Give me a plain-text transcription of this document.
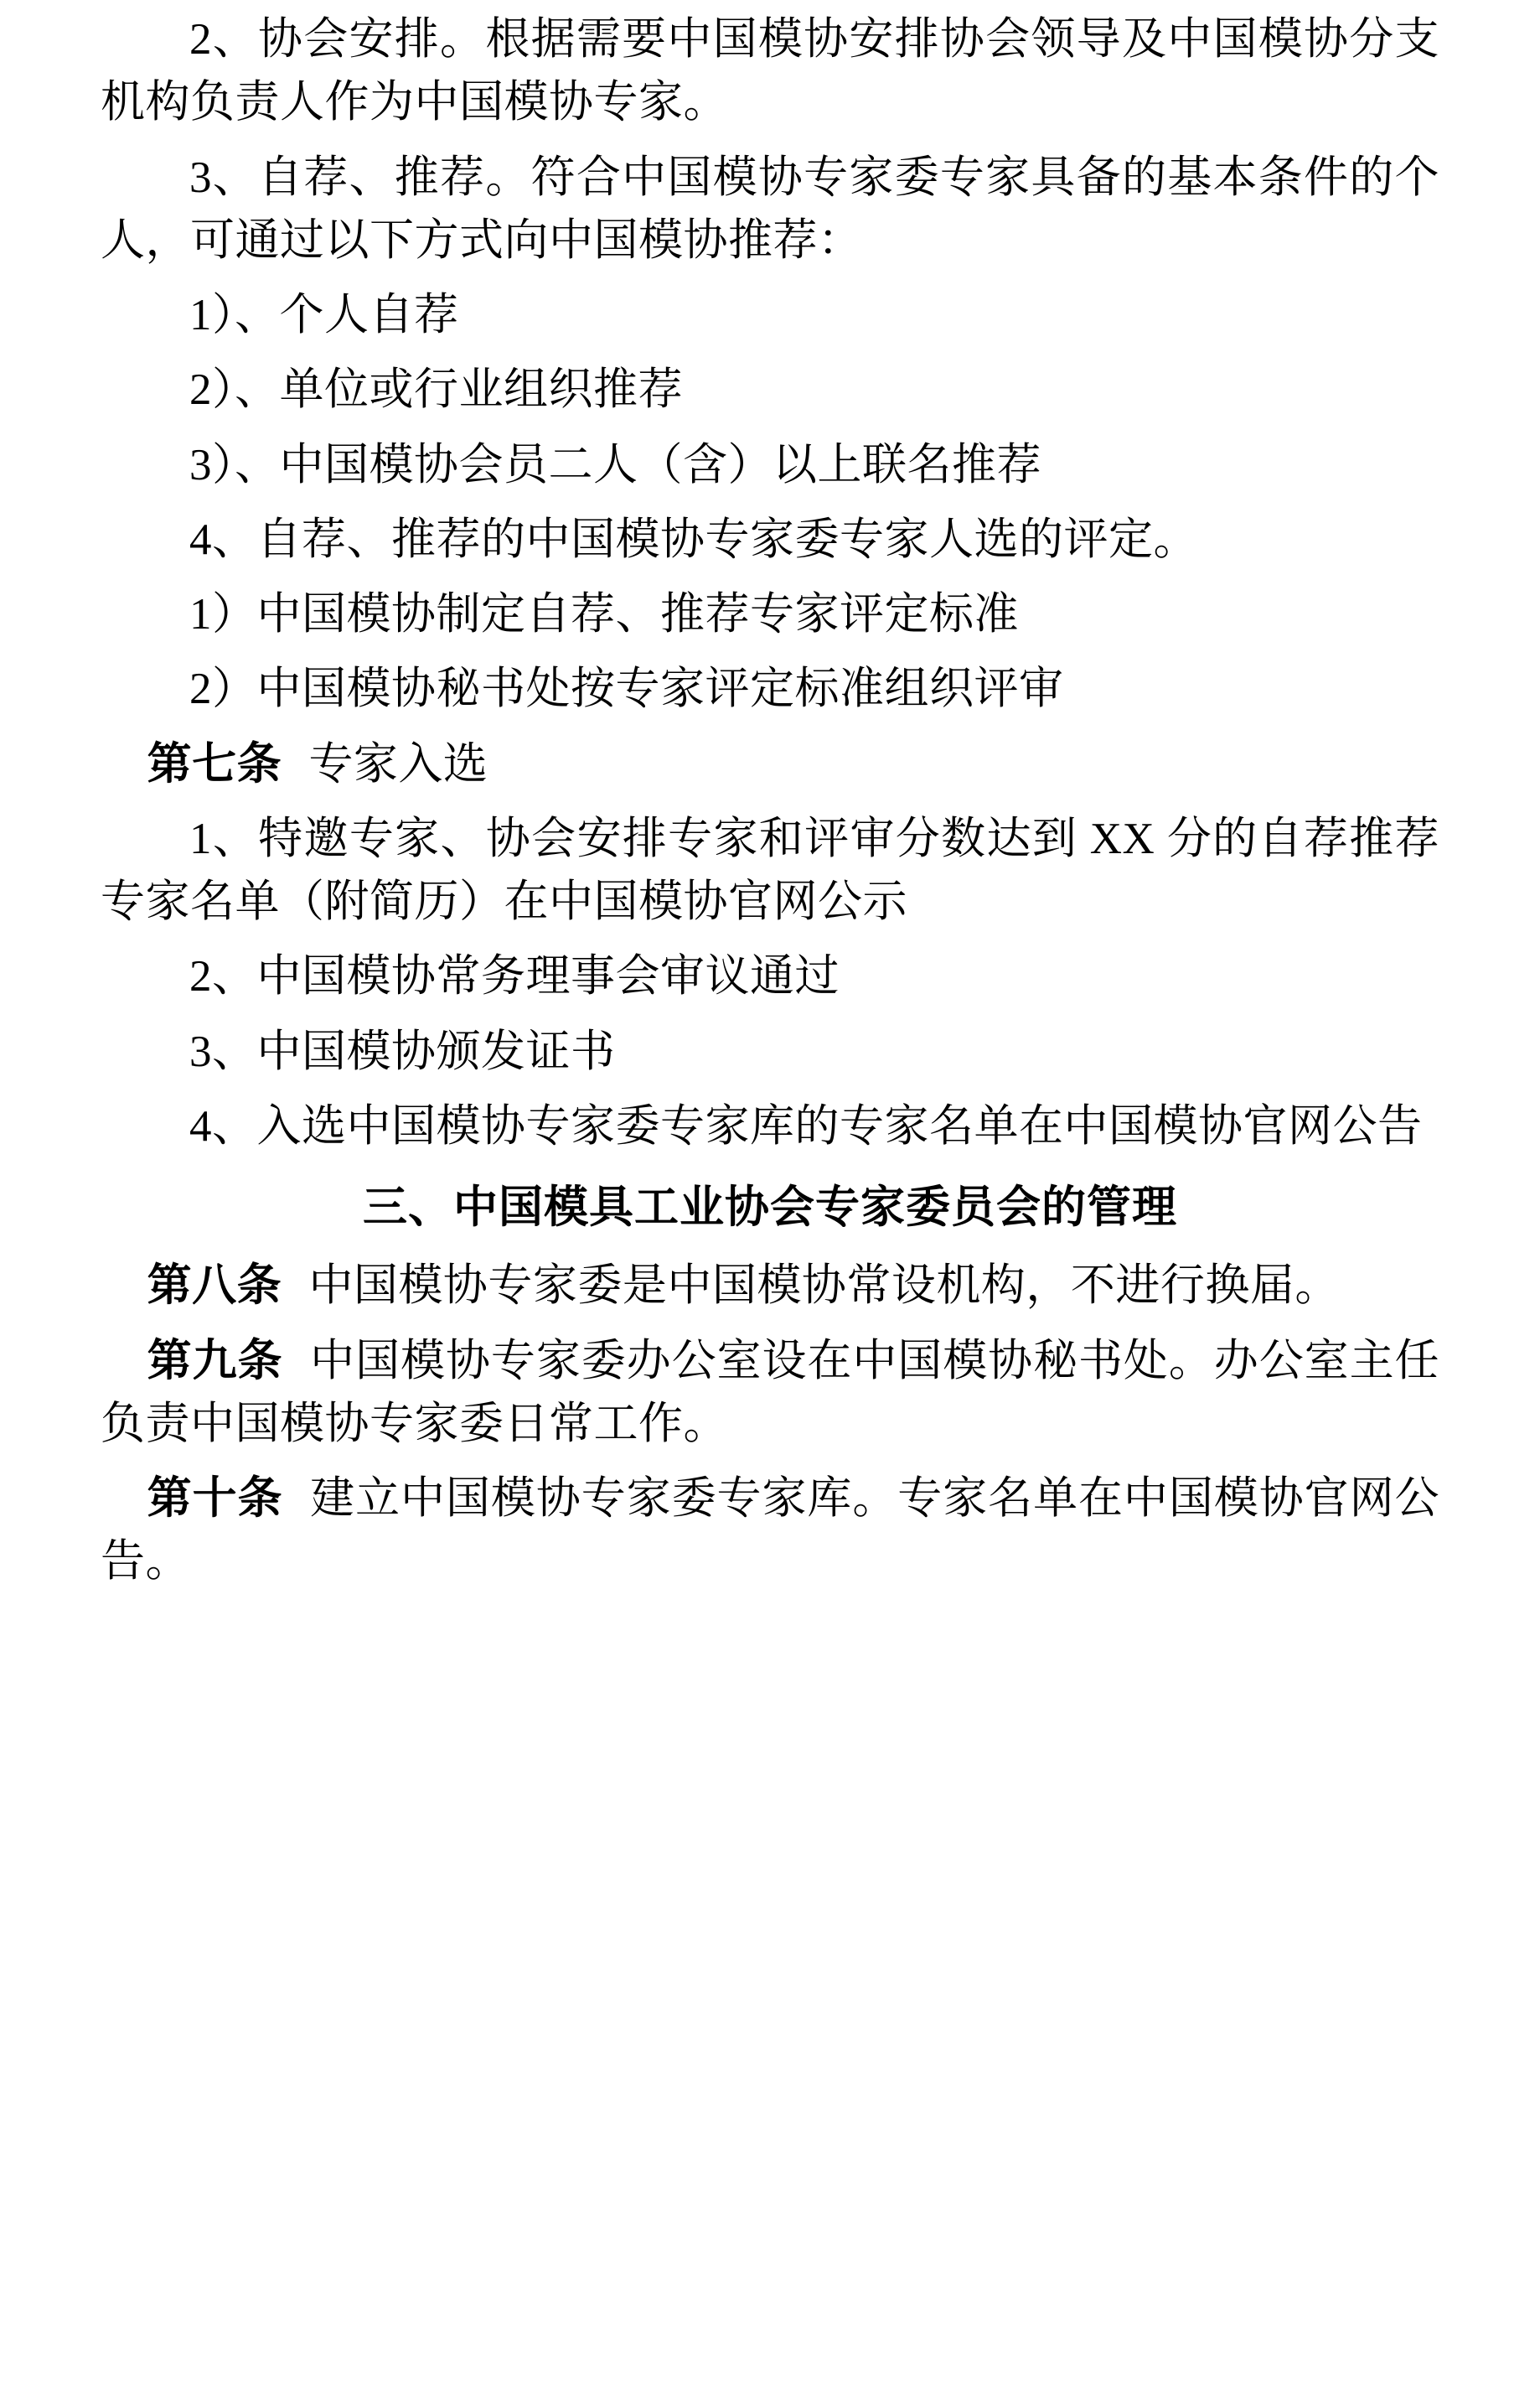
2、协会安排。根据需要中国模协安排协会领导及中国模协分支机构负责人作为中国模协专家。

3、自荐、推荐。符合中国模协专家委专家具备的基本条件的个人，可通过以下方式向中国模协推荐：

1）、个人自荐

2）、单位或行业组织推荐

3）、中国模协会员二人（含）以上联名推荐

4、自荐、推荐的中国模协专家委专家人选的评定。

1）中国模协制定自荐、推荐专家评定标准

2）中国模协秘书处按专家评定标准组织评审

第七条 专家入选

1、特邀专家、协会安排专家和评审分数达到 XX 分的自荐推荐专家名单（附简历）在中国模协官网公示

2、中国模协常务理事会审议通过

3、中国模协颁发证书

4、入选中国模协专家委专家库的专家名单在中国模协官网公告

三、中国模具工业协会专家委员会的管理

第八条 中国模协专家委是中国模协常设机构，不进行换届。

第九条 中国模协专家委办公室设在中国模协秘书处。办公室主任负责中国模协专家委日常工作。

第十条 建立中国模协专家委专家库。专家名单在中国模协官网公告。
